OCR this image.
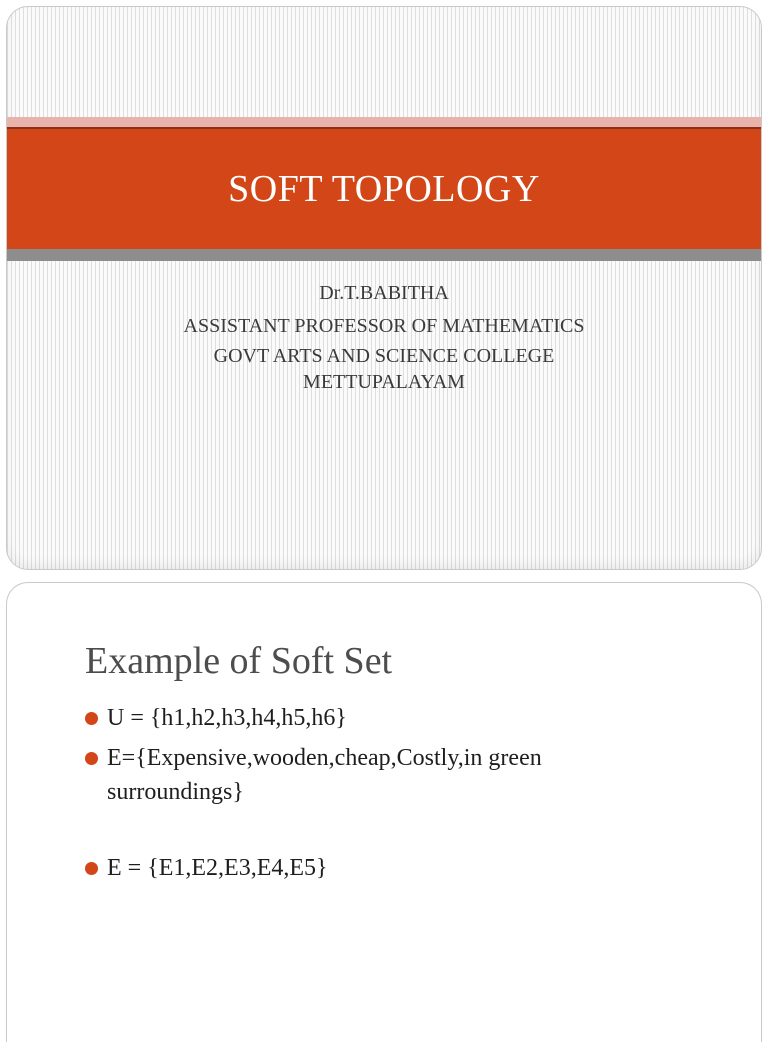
SOFT TOPOLOGY
Dr.T.BABITHA
ASSISTANT PROFESSOR OF MATHEMATICS
GOVT ARTS AND SCIENCE COLLEGE
METTUPALAYAM
Example of Soft Set
U = {h1,h2,h3,h4,h5,h6}
E={Expensive,wooden,cheap,Costly,in green surroundings}
E = {E1,E2,E3,E4,E5}
